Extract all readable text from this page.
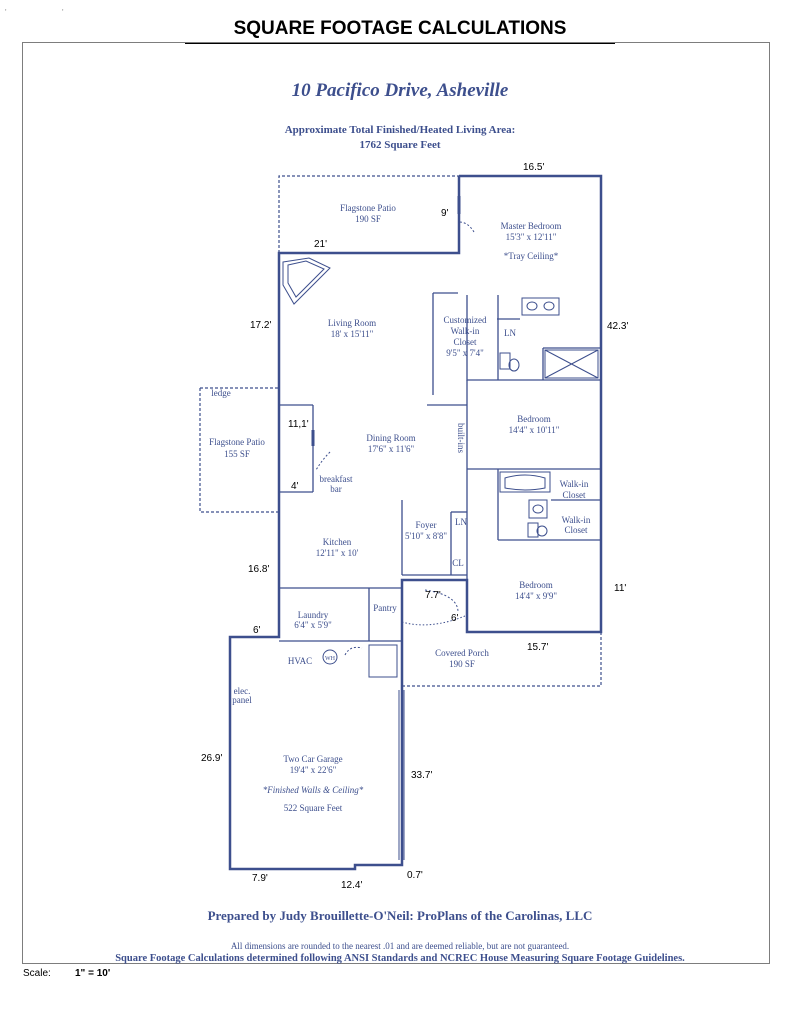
'	'
SQUARE FOOTAGE CALCULATIONS
10 Pacifico Drive, Asheville
Approximate Total Finished/Heated Living Area:
1762 Square Feet
Flagstone Patio
190 SF
Master Bedroom
15'3" x 12'11"
*Tray Ceiling*
Living Room
18' x 15'11"
Customized
Walk-in
Closet
9'5" x 7'4"
LN
ledge
Flagstone Patio
155 SF
Dining Room
17'6" x 11'6"	built-ins
Bedroom
14'4" x 10'11"
breakfast
bar	Walk-in
Closet
Walk-in
Closet
Foyer
5'10" x 8'8"
LN
Kitchen
12'11" x 10'
CL
Bedroom
14'4" x 9'9"
Laundry
6'4" x 5'9"
Pantry
HVAC WH
Covered Porch
190 SF
elec.
panel
Two Car Garage
19'4" x 22'6"
*Finished Walls & Ceiling*
522 Square Feet
16.5'
9'
21'
17.2'	42.3'
11,1'
4'
16.8'
7.7'
11'
6'
6'
15.7'
26.9'
33.7'
7.9'
12.4'
0.7'
Prepared by Judy Brouillette-O'Neil: ProPlans of the Carolinas, LLC
All dimensions are rounded to the nearest .01 and are deemed reliable, but are not guaranteed.
Square Footage Calculations determined following ANSI Standards and NCREC House Measuring Square Footage Guidelines.
Scale: 1" = 10'
